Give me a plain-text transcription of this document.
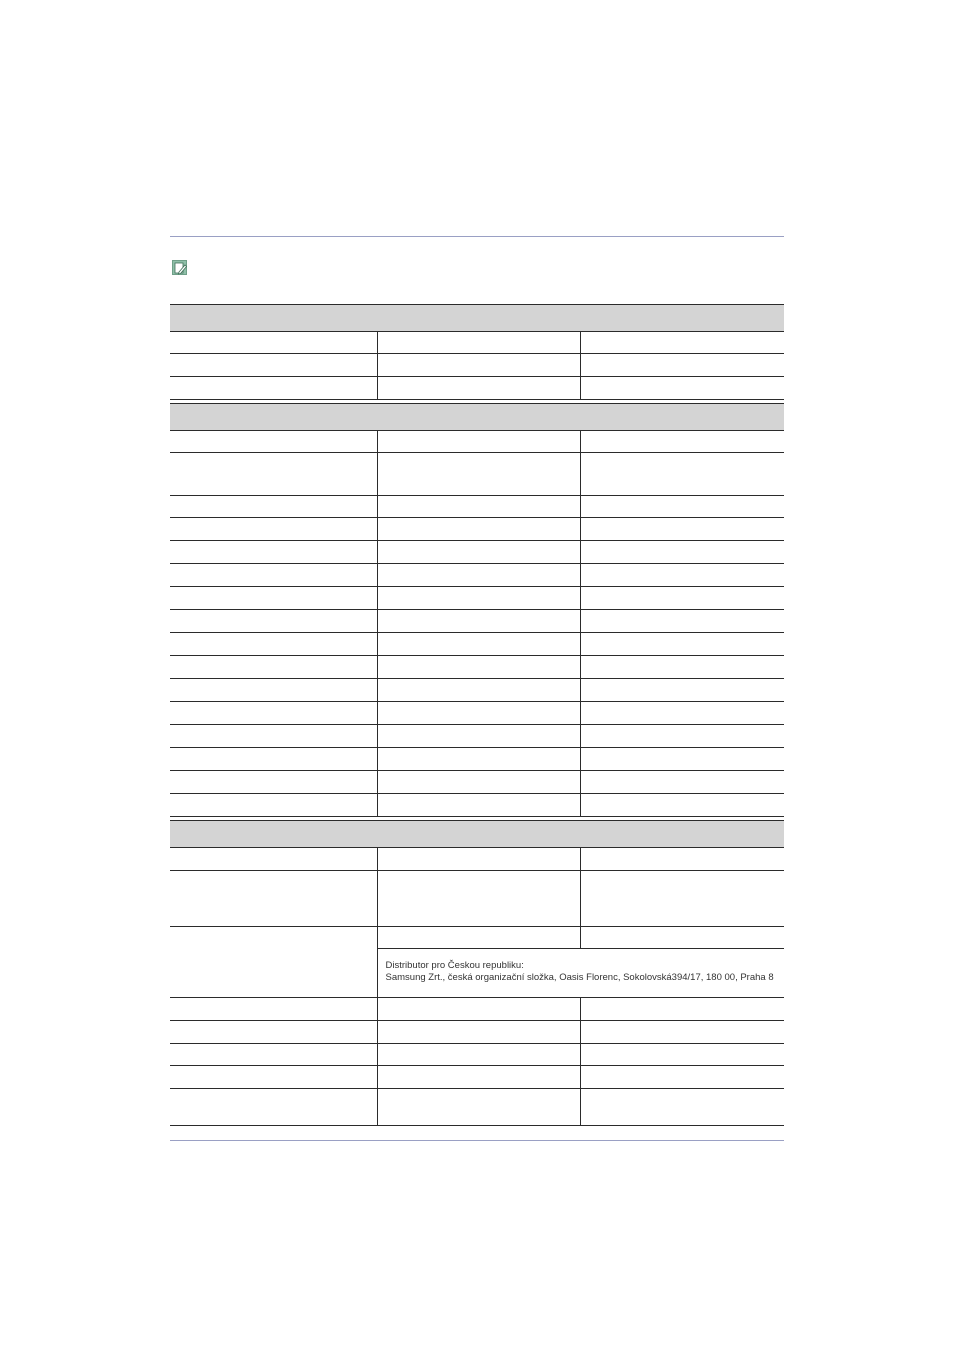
	Distributor pro Českou republiku:
Samsung Zrt., česká organizační složka, Oasis Florenc, Sokolovská394/17, 180 00, Praha 8	
